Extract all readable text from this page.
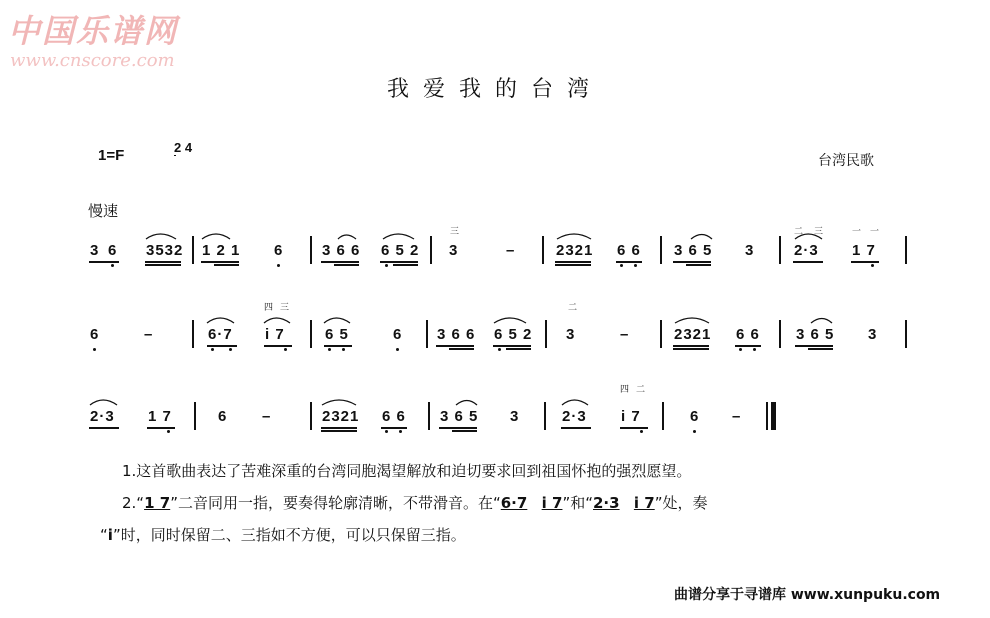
中国乐谱网
www.cnscore.com
我爱我的台湾
1=F	2 4
台湾民歌
慢速
3 6 3532 1 2 1 6	3 6 6 6 5 2
三
3	–	2321 6 6 3 6 5 3
二 三
2·3
一 一
1 7
6	–	6·7
四 三
i 7	6 5	6 3 6 6 6 5 2
二
3	–	2321 6 6 3 6 5 3
2·3 1 7	6 –	2321 6 6 3 6 5 3	2·3
四 二
i 7	6 –
1.这首歌曲表达了苦难深重的台湾同胞渴望解放和迫切要求回到祖国怀抱的强烈愿望。
2.“1 7”二音同用一指，要奏得轮廓清晰，不带滑音。在“6·7 i 7”和“2·3 i 7”处，奏
“i”时，同时保留二、三指如不方便，可以只保留三指。
曲谱分享于寻谱库 www.xunpuku.com
